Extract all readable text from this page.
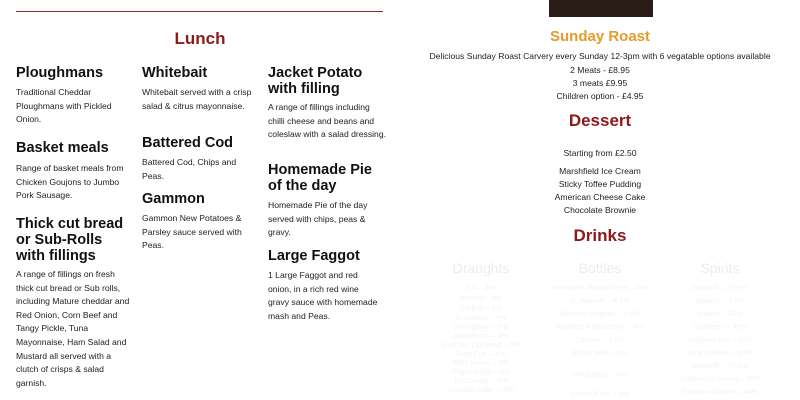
Lunch
Ploughmans
Traditional Cheddar Ploughmans with Pickled Onion.
Basket meals
Range of basket meals from Chicken Goujons to Jumbo Pork Sausage.
Thick cut bread or Sub-Rolls with fillings
A range of fillings on fresh thick cut bread or Sub rolls, including Mature cheddar and Red Onion, Corn Beef and Tangy Pickle, Tuna Mayonnaise, Ham Salad and Mustard all served with a clutch of crisps & salad garnish.
Whitebait
Whitebait served with a crisp salad & citrus mayonnaise.
Battered Cod
Battered Cod, Chips and Peas.
Gammon
Gammon New Potatoes & Parsley sauce served with Peas.
Jacket Potato with filling
A range of fillings including chilli cheese and beans and coleslaw with a salad dressing.
Homemade Pie of the day
Homemade Pie of the day served with chips, peas & gravy.
Large Faggot
1 Large Faggot and red onion, in a rich red wine gravy sauce with homemade mash and Peas.
Sunday Roast
Delicious Sunday Roast Carvery every Sunday 12-3pm with 6 vegatable options available
2 Meats - £8.95
3 meats £9.95
Children option - £4.95
Dessert
Starting from £2.50
Marshfield Ice Cream
Sticky Toffee Pudding
American Cheese Cake
Chocolate Brownie
Drinks
Draughts
XX – 4%
Amstel – 4%
Carling – 4%
Guinness – 4%
Strongbow – 5%
Blackthorn – 4%
Summer Lightning – 5%
Dirty Fox – 4%
Wild Swine – 4%
Pilgrims Ale – 4%
Butcombe – 4%
Draught Cider – 6%
Bottles
Heineken Alcohol Free – 0%
Budweiser – 4.5%
Bulmers Original – 4.5%
Bulmers Red Cherry – 4%
Corona – 4.5%
Becks Blue – 0%
WKD Blue – 4%
Smirnoff Ice – 4%
Spirits
Bacardi – 37.5%
Baileys – 17%
Malibu – 21%
Cointreau – 40%
Gordons Gin – 40%
Jack Daniels – 40%
Smirnoff – 37.5%
Southern Comfort – 35%
Famous Grouse – 40%
